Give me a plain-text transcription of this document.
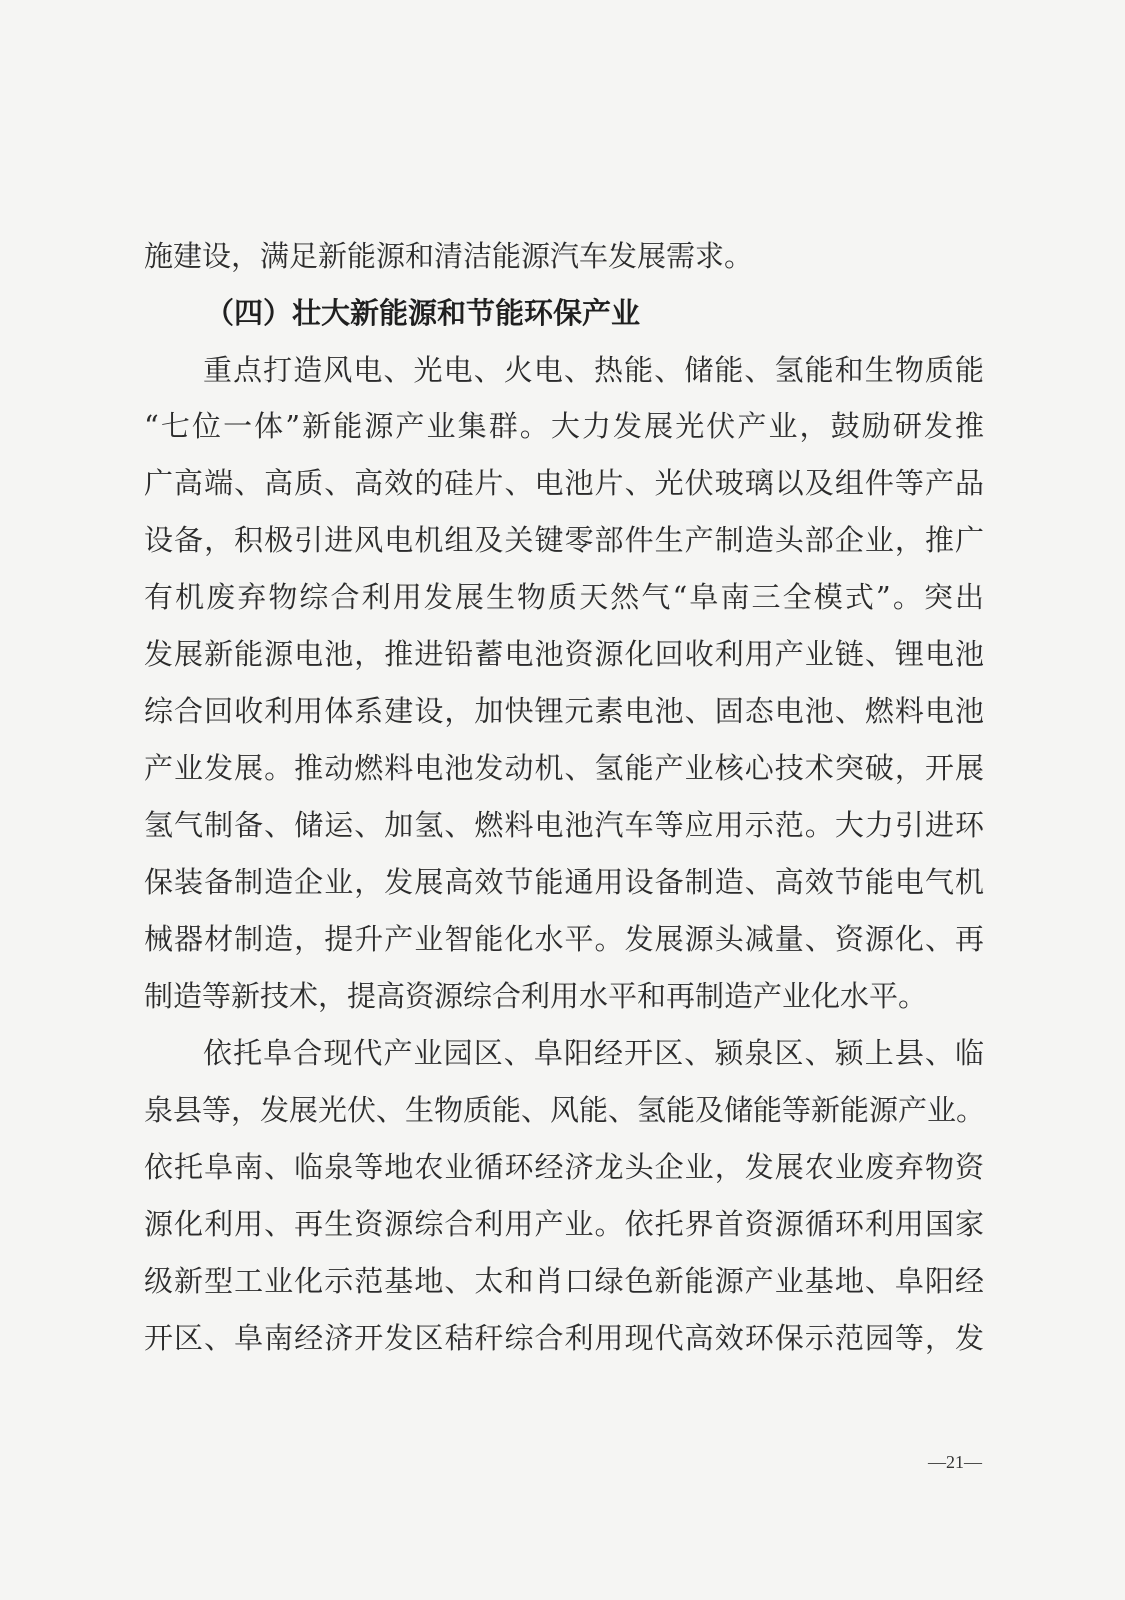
施建设，满足新能源和清洁能源汽车发展需求。

（四）壮大新能源和节能环保产业

重点打造风电、光电、火电、热能、储能、氢能和生物质能

“七位一体”新能源产业集群。大力发展光伏产业，鼓励研发推

广高端、高质、高效的硅片、电池片、光伏玻璃以及组件等产品

设备，积极引进风电机组及关键零部件生产制造头部企业，推广

有机废弃物综合利用发展生物质天然气“阜南三全模式”。突出

发展新能源电池，推进铅蓄电池资源化回收利用产业链、锂电池

综合回收利用体系建设，加快锂元素电池、固态电池、燃料电池

产业发展。推动燃料电池发动机、氢能产业核心技术突破，开展

氢气制备、储运、加氢、燃料电池汽车等应用示范。大力引进环

保装备制造企业，发展高效节能通用设备制造、高效节能电气机

械器材制造，提升产业智能化水平。发展源头减量、资源化、再

制造等新技术，提高资源综合利用水平和再制造产业化水平。

依托阜合现代产业园区、阜阳经开区、颍泉区、颍上县、临

泉县等，发展光伏、生物质能、风能、氢能及储能等新能源产业。

依托阜南、临泉等地农业循环经济龙头企业，发展农业废弃物资

源化利用、再生资源综合利用产业。依托界首资源循环利用国家

级新型工业化示范基地、太和肖口绿色新能源产业基地、阜阳经

开区、阜南经济开发区秸秆综合利用现代高效环保示范园等，发

—21—
